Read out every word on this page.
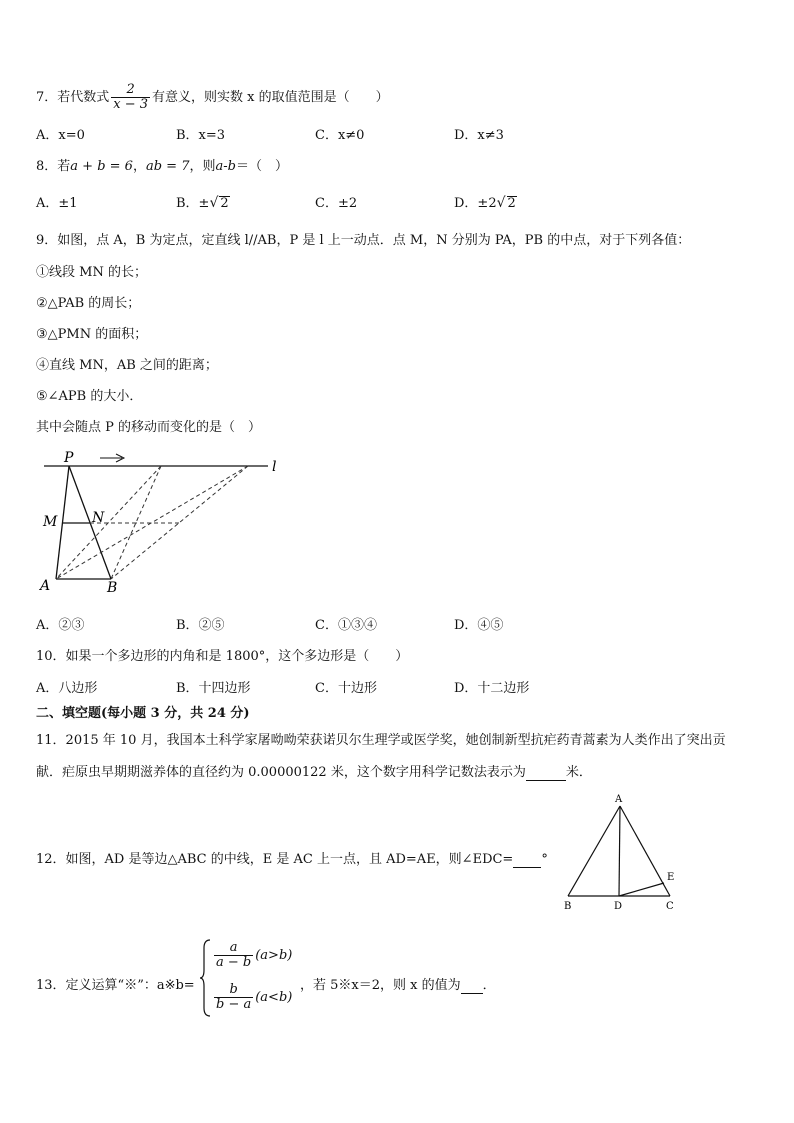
7．若代数式 $\frac{2}{x - 3}$ 有意义，则实数 x 的取值范围是（　　）
A．x=0	B．x=3	C．x≠0	D．x≠3
8．若a + b = 6，ab = 7，则a-b＝（　）
A．±1	B．±√ 2	C．±2	D．±2√ 2
9．如图，点 A，B 为定点，定直线 l//AB，P 是 l 上一动点．点 M，N 分别为 PA，PB 的中点，对于下列各值：
①线段 MN 的长；
②△PAB 的周长；
③△PMN 的面积；
④直线 MN，AB 之间的距离；
⑤∠APB 的大小．
其中会随点 P 的移动而变化的是（　）
P
l
M N
A	B
A．②③	B．②⑤	C．①③④	D．④⑤
10．如果一个多边形的内角和是 1800°，这个多边形是（　　）
A．八边形	B．十四边形	C．十边形	D．十二边形
二、填空题(每小题 3 分，共 24 分)
11．2015 年 10 月，我国本土科学家屠呦呦荣获诺贝尔生理学或医学奖，她创制新型抗疟药青蒿素为人类作出了突出贡
献．疟原虫早期期滋养体的直径约为 0.00000122 米，这个数字用科学记数法表示为	米．
12．如图，AD 是等边△ABC 的中线，E 是 AC 上一点，且 AD=AE，则∠EDC= °
A
B	D	C
E
13．定义运算“※”：a※b=
$\frac{a}{a - b} (a>b)$
$\frac{b}{b - a} (a<b)$
，若 5※x＝2，则 x 的值为 ．
